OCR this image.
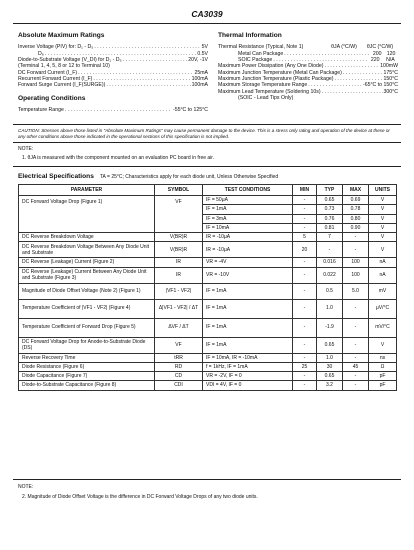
CA3039
Absolute Maximum Ratings
Inverse Voltage (PIV) for: D₁ - D₅ . . .	5V
D₆ . . .	0.5V
Diode-to-Substrate Voltage (V_DI) for D₁ - D₅ . . .	20V, -1V
(Terminal 1, 4, 5, 8 or 12 to Terminal 10)
DC Forward Current (I_F) . . .	25mA
Recurrent Forward Current (I_F) . . .	100mA
Forward Surge Current (I_F(SURGE)) . . .	100mA
Operating Conditions
Temperature Range . . .	-55°C to 125°C
Thermal Information
Thermal Resistance (Typical, Note 1)	θJA (°C/W)	θJC (°C/W)
Metal Can Package . . .	200	120
SOIC Package . . .	220	N/A
Maximum Power Dissipation (Any One Diode) . . .	100mW
Maximum Junction Temperature (Metal Can Package) . . .	175°C
Maximum Junction Temperature (Plastic Package) . . .	150°C
Maximum Storage Temperature Range . . .	-65°C to 150°C
Maximum Lead Temperature (Soldering 10s) . . .	300°C
(SOIC - Lead Tips Only)
CAUTION: Stresses above those listed in "Absolute Maximum Ratings" may cause permanent damage to the device. This is a stress only rating and operation of the device at these or any other conditions above those indicated in the operational sections of this specification is not implied.
NOTE:
1. θJA is measured with the component mounted on an evaluation PC board in free air.
Electrical Specifications TA = 25°C; Characteristics apply for each diode unit, Unless Otherwise Specified
PARAMETER	SYMBOL	TEST CONDITIONS	MIN	TYP	MAX	UNITS
DC Forward Voltage Drop (Figure 1)	VF	IF = 50μA	-	0.65	0.69	V
		IF = 1mA	-	0.73	0.78	V
		IF = 3mA	-	0.76	0.80	V
		IF = 10mA	-	0.81	0.90	V
DC Reverse Breakdown Voltage	V(BR)R	IR = -10μA	5	7	-	V
DC Reverse Breakdown Voltage Between Any Diode Unit and Substrate	V(BR)R	IR = -10μA	20	-	-	V
DC Reverse (Leakage) Current (Figure 2)	IR	VR = -4V	-	0.016	100	nA
DC Reverse (Leakage) Current Between Any Diode Unit and Substrate (Figure 3)	IR	VR = -10V	-	0.022	100	nA
Magnitude of Diode Offset Voltage (Note 2) (Figure 1)	|VF1 - VF2|	IF = 1mA	-	0.5	5.0	mV
Temperature Coefficient of |VF1 - VF2| (Figure 4)	Δ|VF1 - VF2| / ΔT	IF = 1mA	-	1.0	-	μV/°C
Temperature Coefficient of Forward Drop (Figure 5)	ΔVF / ΔT	IF = 1mA	-	-1.9	-	mV/°C
DC Forward Voltage Drop for Anode-to-Substrate Diode (DS)	VF	IF = 1mA	-	0.65	-	V
Reverse Recovery Time	tRR	IF = 10mA, IR = -10mA	-	1.0	-	ns
Diode Resistance (Figure 6)	RD	f = 1kHz, IF = 1mA	25	30	45	Ω
Diode Capacitance (Figure 7)	CD	VR = -2V, IF = 0	-	0.65	-	pF
Diode-to-Substrate Capacitance (Figure 8)	CDI	VDI = 4V, IF = 0	-	3.2	-	pF
NOTE:
2. Magnitude of Diode Offset Voltage is the difference in DC Forward Voltage Drops of any two diode units.
